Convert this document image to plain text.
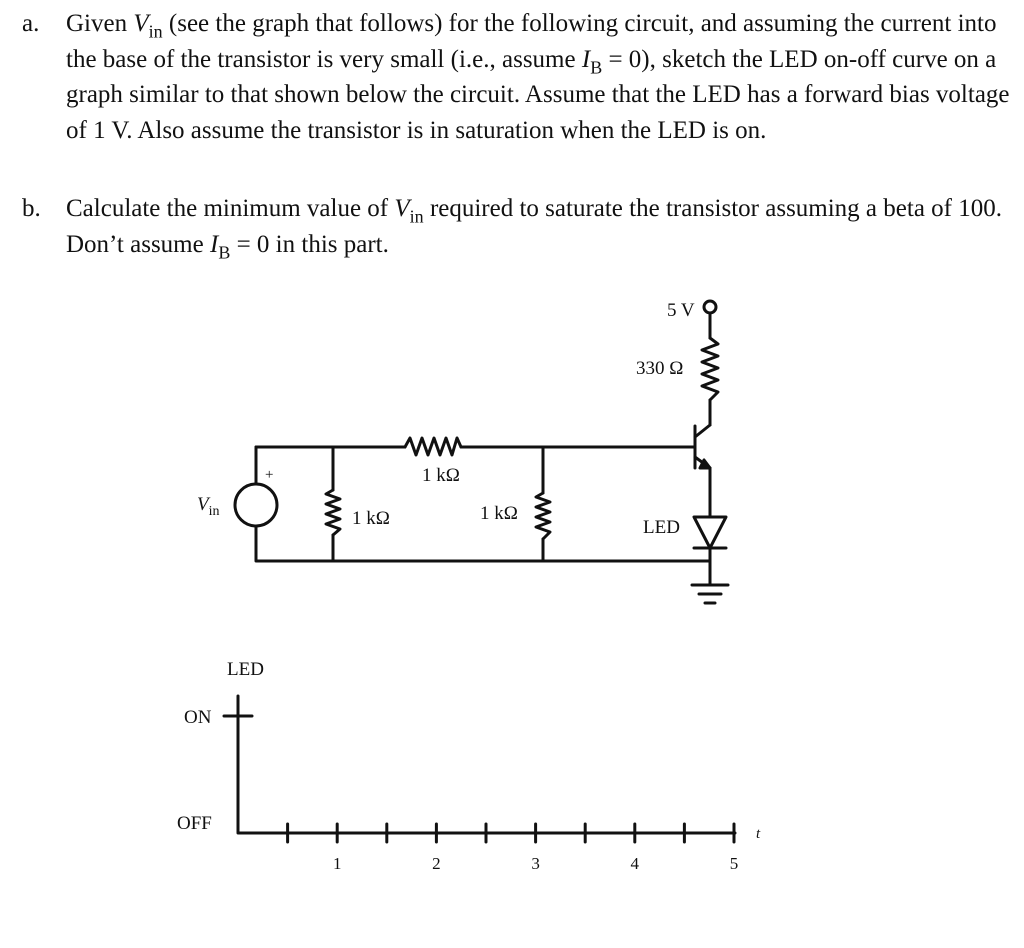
a. Given $V_{in}$ (see the graph that follows) for the following circuit, and assuming the current into the base of the transistor is very small (i.e., assume $I_B = 0$), sketch the LED on-off curve on a graph similar to that shown below the circuit. Assume that the LED has a forward bias voltage of 1 V. Also assume the transistor is in saturation when the LED is on.
b. Calculate the minimum value of $V_{in}$ required to saturate the transistor assuming a beta of 100. Don’t assume $I_B = 0$ in this part.
+
$V_{in}$	1 kΩ
1 kΩ
1 kΩ
5 V
330 Ω
LED
LED
ON
OFF	t
1	2	3	4	5
